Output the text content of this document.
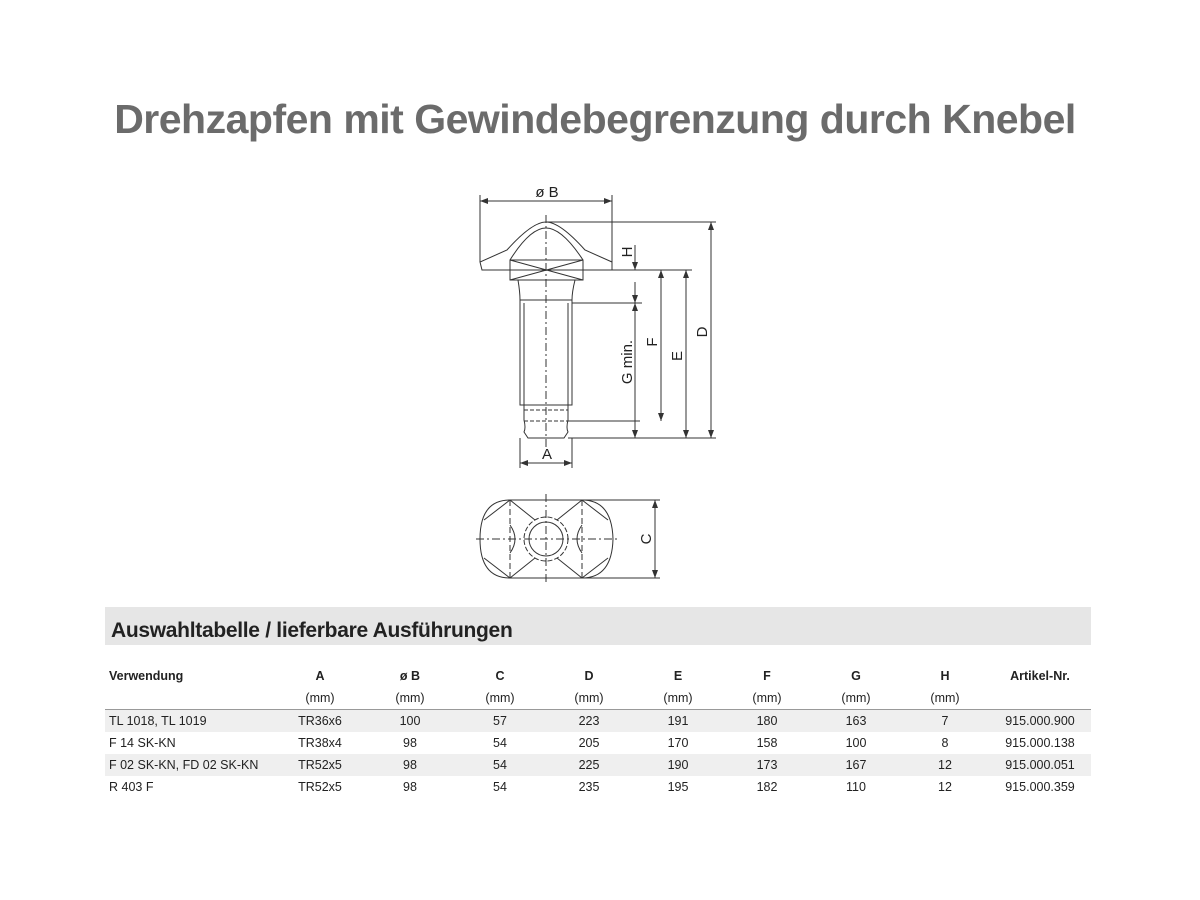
Drehzapfen mit Gewindebegrenzung durch Knebel
ø B
H
G min. F
E
D
A
C
Auswahltabelle / lieferbare Ausführungen
Verwendung	A	ø B	C	D	E	F	G	H	Artikel-Nr.
	(mm)	(mm)	(mm)	(mm)	(mm)	(mm)	(mm)	(mm)	
TL 1018, TL 1019	TR36x6	100	57	223	191	180	163	7	915.000.900
F 14 SK-KN	TR38x4	98	54	205	170	158	100	8	915.000.138
F 02 SK-KN, FD 02 SK-KN	TR52x5	98	54	225	190	173	167	12	915.000.051
R 403 F	TR52x5	98	54	235	195	182	110	12	915.000.359
